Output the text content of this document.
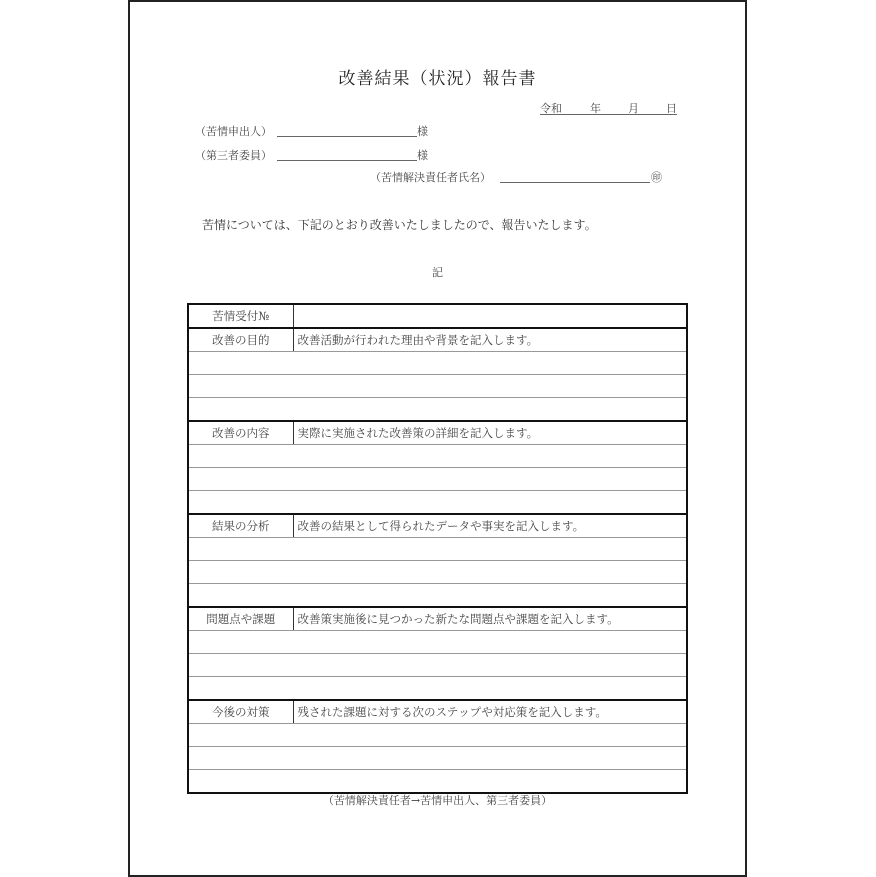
改善結果（状況）報告書
令和	年 月 日
（苦情申出人）	様
（第三者委員）	様
（苦情解決責任者氏名）	㊞
苦情については、下記のとおり改善いたしましたので、報告いたします。
記
苦情受付№	
改善の目的	改善活動が行われた理由や背景を記入します。

改善の内容	実際に実施された改善策の詳細を記入します。

結果の分析	改善の結果として得られたデータや事実を記入します。

問題点や課題	改善策実施後に見つかった新たな問題点や課題を記入します。

今後の対策	残された課題に対する次のステップや対応策を記入します。

（苦情解決責任者→苦情申出人、第三者委員）
